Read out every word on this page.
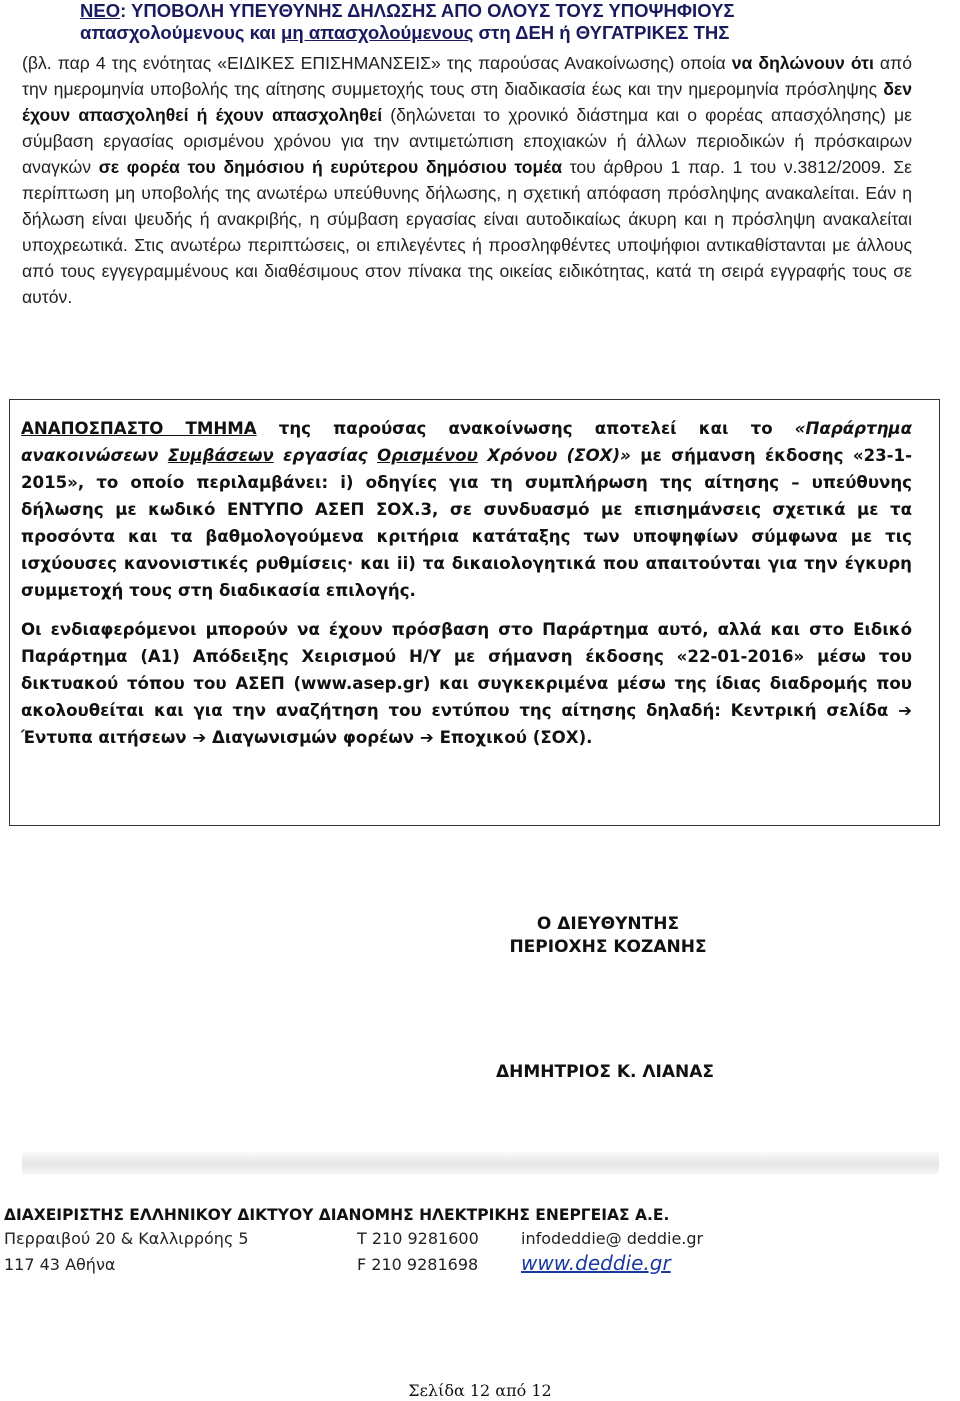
ΝΕΟ: ΥΠΟΒΟΛΗ ΥΠΕΥΘΥΝΗΣ ΔΗΛΩΣΗΣ ΑΠΟ ΟΛΟΥΣ ΤΟΥΣ ΥΠΟΨΗΦΙΟΥΣ
απασχολούμενους και μη απασχολούμενους στη ΔΕΗ ή ΘΥΓΑΤΡΙΚΕΣ ΤΗΣ
(βλ. παρ 4 της ενότητας «ΕΙΔΙΚΕΣ ΕΠΙΣΗΜΑΝΣΕΙΣ» της παρούσας Ανακοίνωσης) οποία να δηλώνουν ότι από την ημερομηνία υποβολής της αίτησης συμμετοχής τους στη διαδικασία έως και την ημερομηνία πρόσληψης δεν έχουν απασχοληθεί ή έχουν απασχοληθεί (δηλώνεται το χρονικό διάστημα και ο φορέας απασχόλησης) με σύμβαση εργασίας ορισμένου χρόνου για την αντιμετώπιση εποχιακών ή άλλων περιοδικών ή πρόσκαιρων αναγκών σε φορέα του δημόσιου ή ευρύτερου δημόσιου τομέα του άρθρου 1 παρ. 1 του ν.3812/2009. Σε περίπτωση μη υποβολής της ανωτέρω υπεύθυνης δήλωσης, η σχετική απόφαση πρόσληψης ανακαλείται. Εάν η δήλωση είναι ψευδής ή ανακριβής, η σύμβαση εργασίας είναι αυτοδικαίως άκυρη και η πρόσληψη ανακαλείται υποχρεωτικά. Στις ανωτέρω περιπτώσεις, οι επιλεγέντες ή προσληφθέντες υποψήφιοι αντικαθίστανται με άλλους από τους εγγεγραμμένους και διαθέσιμους στον πίνακα της οικείας ειδικότητας, κατά τη σειρά εγγραφής τους σε αυτόν.

ΑΝΑΠΟΣΠΑΣΤΟ ΤΜΗΜΑ της παρούσας ανακοίνωσης αποτελεί και το «Παράρτημα ανακοινώσεων Συμβάσεων εργασίας Ορισμένου Χρόνου (ΣΟΧ)» με σήμανση έκδοσης «23-1-2015», το οποίο περιλαμβάνει: i) οδηγίες για τη συμπλήρωση της αίτησης – υπεύθυνης δήλωσης με κωδικό ΕΝΤΥΠΟ ΑΣΕΠ ΣΟΧ.3, σε συνδυασμό με επισημάνσεις σχετικά με τα προσόντα και τα βαθμολογούμενα κριτήρια κατάταξης των υποψηφίων σύμφωνα με τις ισχύουσες κανονιστικές ρυθμίσεις· και ii) τα δικαιολογητικά που απαιτούνται για την έγκυρη συμμετοχή τους στη διαδικασία επιλογής.

Οι ενδιαφερόμενοι μπορούν να έχουν πρόσβαση στο Παράρτημα αυτό, αλλά και στο Ειδικό Παράρτημα (Α1) Απόδειξης Χειρισμού Η/Υ με σήμανση έκδοσης «22-01-2016» μέσω του δικτυακού τόπου του ΑΣΕΠ (www.asep.gr) και συγκεκριμένα μέσω της ίδιας διαδρομής που ακολουθείται και για την αναζήτηση του εντύπου της αίτησης δηλαδή: Κεντρική σελίδα ➔ Έντυπα αιτήσεων ➔ Διαγωνισμών φορέων ➔ Εποχικού (ΣΟΧ).

Ο ΔΙΕΥΘΥΝΤΗΣ
ΠΕΡΙΟΧΗΣ ΚΟΖΑΝΗΣ
ΔΗΜΗΤΡΙΟΣ Κ. ΛΙΑΝΑΣ
ΔΙΑΧΕΙΡΙΣΤΗΣ ΕΛΛΗΝΙΚΟΥ ΔΙΚΤΥΟΥ ΔΙΑΝΟΜΗΣ ΗΛΕΚΤΡΙΚΗΣ ΕΝΕΡΓΕΙΑΣ Α.Ε.
Περραιβού 20 & Καλλιρρόης 5	Τ 210 9281600	infodeddie@ deddie.gr
117 43 Αθήνα	F 210 9281698 www.deddie.gr
Σελίδα 12 από 12
